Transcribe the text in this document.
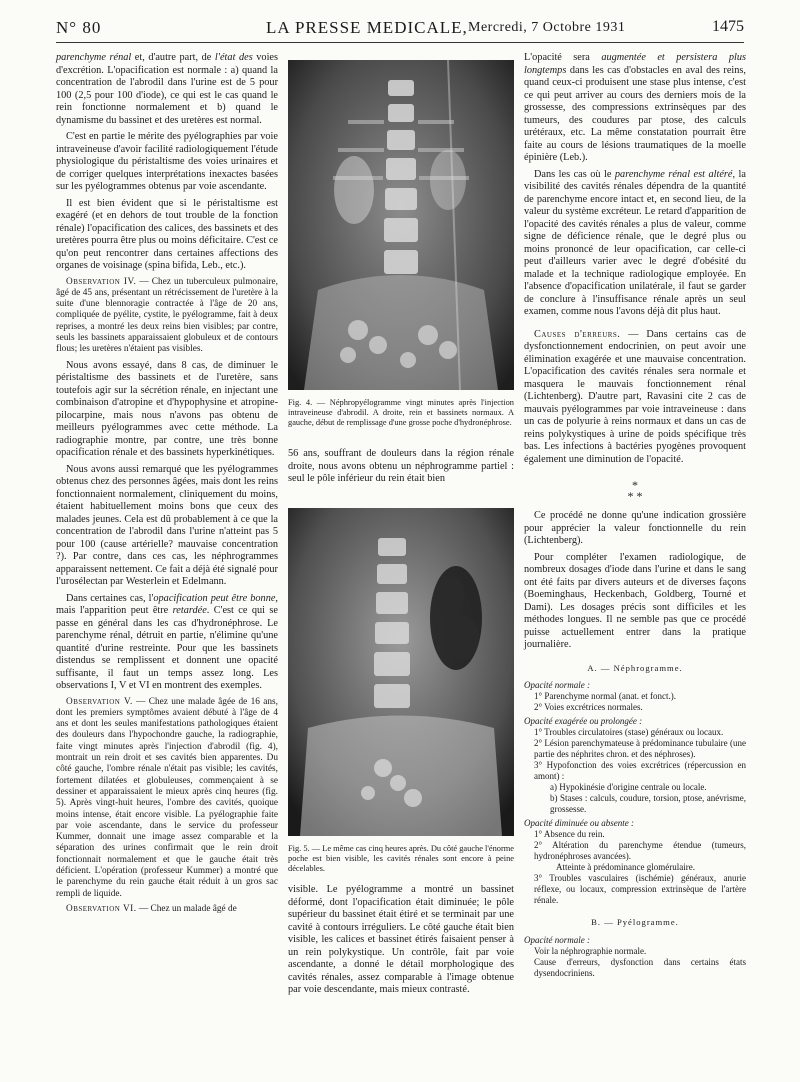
N° 80	LA PRESSE MEDICALE, Mercredi, 7 Octobre 1931	1475

parenchyme rénal et, d'autre part, de l'état des voies d'excrétion. L'opacification est normale : a) quand la concentration de l'abrodil dans l'urine est de 5 pour 100 (2,5 pour 100 d'iode), ce qui est le cas quand le rein fonctionne normalement et b) quand le dynamisme du bassinet et des uretères est normal.

C'est en partie le mérite des pyélographies par voie intraveineuse d'avoir facilité radiologiquement l'étude physiologique du péristaltisme des voies urinaires et de corriger quelques interprétations inexactes basées sur les pyélogrammes obtenus par voie ascendante.

Il est bien évident que si le péristaltisme est exagéré (et en dehors de tout trouble de la fonction rénale) l'opacification des calices, des bassinets et des uretères pourra être plus ou moins déficitaire. C'est ce qu'on peut rencontrer dans certaines affections des organes de voisinage (spina bifida, Leb., etc.).

Observation IV. — Chez un tuberculeux pulmonaire, âgé de 45 ans, présentant un rétrécissement de l'uretère à la suite d'une blennoragie contractée à l'âge de 20 ans, compliquée de pyélite, cystite, le pyélogramme, fait à deux reprises, a montré les deux reins bien visibles; par contre, seuls les bassinets apparaissaient globuleux et de contours flous; les uretères n'étaient pas visibles.

Nous avons essayé, dans 8 cas, de diminuer le péristaltisme des bassinets et de l'uretère, sans toutefois agir sur la sécrétion rénale, en injectant une combinaison d'atropine et d'hypophysine et atropine-pilocarpine, mais nous n'avons pas obtenu de meilleurs pyélogrammes avec cette méthode. La radiographie montre, par contre, une très bonne opacification rénale et des bassinets hyperkinétiques.

Nous avons aussi remarqué que les pyélogrammes obtenus chez des personnes âgées, mais dont les reins fonctionnaient normalement, cliniquement du moins, étaient habituellement moins bons que ceux des malades jeunes. Cela est dû probablement à ce que la concentration de l'abrodil dans l'urine n'atteint pas 5 pour 100 (cause artérielle? mauvaise concentration ?). Par contre, dans ces cas, les néphrogrammes apparaissent nettement. Ce fait a déjà été signalé pour l'urosélectan par Westerlein et Edelmann.

Dans certaines cas, l'opacification peut être bonne, mais l'apparition peut être retardée. C'est ce qui se passe en général dans les cas d'hydronéphrose. Le parenchyme rénal, détruit en partie, n'élimine qu'une quantité d'urine restreinte. Pour que les bassinets distendus se remplissent et donnent une opacité suffisante, il faut un temps assez long. Les observations I, V et VI en montrent des exemples.

Observation V. — Chez une malade âgée de 16 ans, dont les premiers symptômes avaient débuté à l'âge de 4 ans et dont les seules manifestations pathologiques étaient des douleurs dans l'hypochondre gauche, la radiographie, faite vingt minutes après l'injection d'abrodil (fig. 4), montrait un rein droit et ses cavités bien apparentes. Du côté gauche, l'ombre rénale n'était pas visible; les cavités, fortement dilatées et globuleuses, commençaient à se dessiner et apparaissaient le mieux après cinq heures (fig. 5). Après vingt-huit heures, l'ombre des cavités, quoique moins intense, était encore visible. La pyélographie faite par voie ascendante, dans le service du professeur Kummer, donnait une image assez comparable et la séparation des urines confirmait que le rein droit fonctionnait normalement et que le gauche était très déficient. L'opération (professeur Kummer) a montré que le parenchyme du rein gauche était réduit à un gros sac rempli de liquide.

Observation VI. — Chez un malade âgé de

Fig. 4. — Néphropyélogramme vingt minutes après l'injection intraveineuse d'abrodil. A droite, rein et bassinets normaux. A gauche, début de remplissage d'une grosse poche d'hydronéphrose.

56 ans, souffrant de douleurs dans la région rénale droite, nous avons obtenu un néphrogramme partiel : seul le pôle inférieur du rein était bien

Fig. 5. — Le même cas cinq heures après. Du côté gauche l'énorme poche est bien visible, les cavités rénales sont encore à peine décelables.

visible. Le pyélogramme a montré un bassinet déformé, dont l'opacification était diminuée; le pôle supérieur du bassinet était étiré et se terminait par une cavité à contours irréguliers. Le côté gauche était bien visible, les calices et bassinet étirés faisaient penser à un rein polykystique. Un contrôle, fait par voie ascendante, a donné le détail morphologique des cavités rénales, assez comparable à l'image obtenue par voie descendante, mais mieux contrasté.

L'opacité sera augmentée et persistera plus longtemps dans les cas d'obstacles en aval des reins, quand ceux-ci produisent une stase plus intense, c'est ce qui peut arriver au cours des derniers mois de la grossesse, des compressions extrinsèques par des tumeurs, des coudures par ptose, des calculs urétéraux, etc. La même constatation pourrait être faite au cours de lésions traumatiques de la moelle épinière (Leb.).

Dans les cas où le parenchyme rénal est altéré, la visibilité des cavités rénales dépendra de la quantité de parenchyme encore intact et, en second lieu, de la valeur du système excréteur. Le retard d'apparition de l'opacité des cavités rénales a plus de valeur, comme signe de déficience rénale, que le degré plus ou moins prononcé de leur opacification, car celle-ci peut d'ailleurs varier avec le degré d'obésité du malade et la technique radiologique employée. En l'absence d'opacification unilatérale, il faut se garder de conclure à l'insuffisance rénale après un seul examen, comme nous l'avons déjà dit plus haut.

Causes d'erreurs. — Dans certains cas de dysfonctionnement endocrinien, on peut avoir une élimination exagérée et une mauvaise concentration. L'opacification des cavités rénales sera normale et masquera le mauvais fonctionnement rénal (Lichtenberg). D'autre part, Ravasini cite 2 cas de mauvais pyélogrammes par voie intraveineuse : dans un cas de polyurie à reins normaux et dans un cas de reins polykystiques à urine de poids spécifique très bas. Les infections à bactéries pyogènes provoquent également une diminution de l'opacité.

*
* *

Ce procédé ne donne qu'une indication grossière pour apprécier la valeur fonctionnelle du rein (Lichtenberg).

Pour compléter l'examen radiologique, de nombreux dosages d'iode dans l'urine et dans le sang ont été faits par divers auteurs et de diverses façons (Boeminghaus, Heckenbach, Goldberg, Tourné et Dami). Les dosages précis sont difficiles et les méthodes longues. Il ne semble pas que ce procédé puisse actuellement entrer dans la pratique journalière.

A. — Néphrogramme.
Opacité normale :
1° Parenchyme normal (anat. et fonct.).
2° Voies excrétrices normales.
Opacité exagérée ou prolongée :
1° Troubles circulatoires (stase) généraux ou locaux.
2° Lésion parenchymateuse à prédominance tubulaire (une partie des néphrites chron. et des néphroses).
3° Hypofonction des voies excrétrices (répercussion en amont) :
a) Hypokinésie d'origine centrale ou locale.
b) Stases : calculs, coudure, torsion, ptose, anévrisme, grossesse.
Opacité diminuée ou absente :
1° Absence du rein.
2° Altération du parenchyme étendue (tumeurs, hydronéphroses avancées).
Atteinte à prédominance glomérulaire.
3° Troubles vasculaires (ischémie) généraux, anurie réflexe, ou locaux, compression extrinsèque de l'artère rénale.
B. — Pyélogramme.
Opacité normale :
Voir la néphrographie normale.
Cause d'erreurs, dysfonction dans certains états dysendocriniens.
